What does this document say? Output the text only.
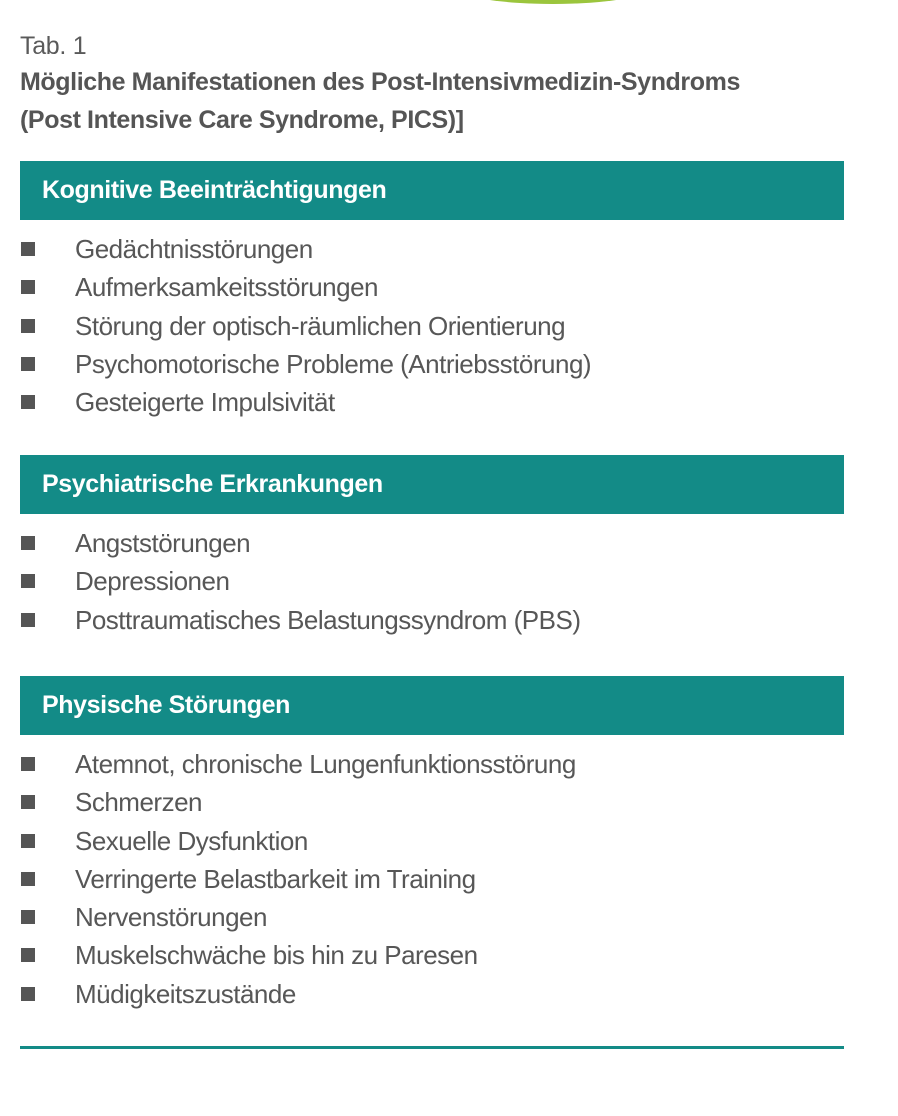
Tab. 1
Mögliche Manifestationen des Post-Intensivmedizin-Syndroms
(Post Intensive Care Syndrome, PICS)]
Kognitive Beeinträchtigungen
Gedächtnisstörungen
Aufmerksamkeitsstörungen
Störung der optisch-räumlichen Orientierung
Psychomotorische Probleme (Antriebsstörung)
Gesteigerte Impulsivität
Psychiatrische Erkrankungen
Angststörungen
Depressionen
Posttraumatisches Belastungssyndrom (PBS)
Physische Störungen
Atemnot, chronische Lungenfunktionsstörung
Schmerzen
Sexuelle Dysfunktion
Verringerte Belastbarkeit im Training
Nervenstörungen
Muskelschwäche bis hin zu Paresen
Müdigkeitszustände
